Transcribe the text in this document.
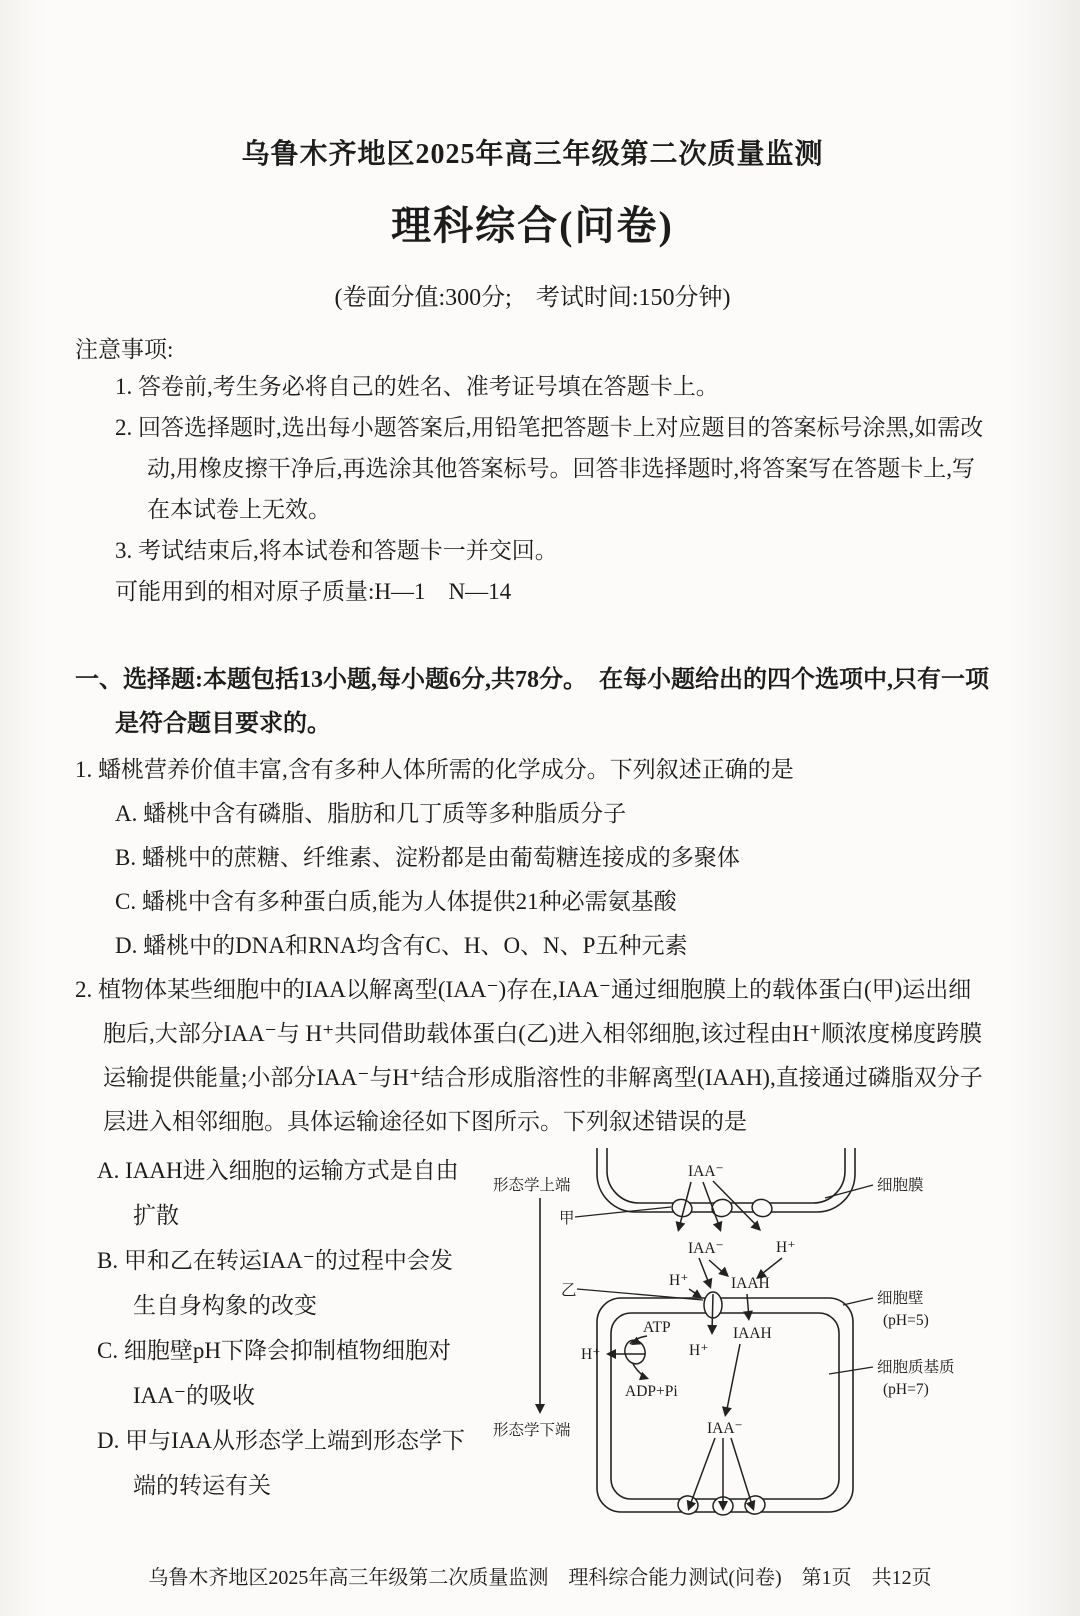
乌鲁木齐地区2025年高三年级第二次质量监测
理科综合(问卷)
(卷面分值:300分;　考试时间:150分钟)
注意事项:
1. 答卷前,考生务必将自己的姓名、准考证号填在答题卡上。
2. 回答选择题时,选出每小题答案后,用铅笔把答题卡上对应题目的答案标号涂黑,如需改动,用橡皮擦干净后,再选涂其他答案标号。回答非选择题时,将答案写在答题卡上,写在本试卷上无效。
3. 考试结束后,将本试卷和答题卡一并交回。
可能用到的相对原子质量:H—1　N—14
一、选择题:本题包括13小题,每小题6分,共78分。　在每小题给出的四个选项中,只有一项是符合题目要求的。
1. 蟠桃营养价值丰富,含有多种人体所需的化学成分。下列叙述正确的是
A. 蟠桃中含有磷脂、脂肪和几丁质等多种脂质分子
B. 蟠桃中的蔗糖、纤维素、淀粉都是由葡萄糖连接成的多聚体
C. 蟠桃中含有多种蛋白质,能为人体提供21种必需氨基酸
D. 蟠桃中的DNA和RNA均含有C、H、O、N、P五种元素
2. 植物体某些细胞中的IAA以解离型(IAA⁻)存在,IAA⁻通过细胞膜上的载体蛋白(甲)运出细胞后,大部分IAA⁻与 H⁺共同借助载体蛋白(乙)进入相邻细胞,该过程由H⁺顺浓度梯度跨膜运输提供能量;小部分IAA⁻与H⁺结合形成脂溶性的非解离型(IAAH),直接通过磷脂双分子层进入相邻细胞。具体运输途径如下图所示。下列叙述错误的是
A. IAAH进入细胞的运输方式是自由扩散
B. 甲和乙在转运IAA⁻的过程中会发生自身构象的改变
C. 细胞壁pH下降会抑制植物细胞对IAA⁻的吸收
D. 甲与IAA从形态学上端到形态学下端的转运有关
形态学上端
形态学下端
甲
乙
细胞膜
细胞壁
(pH=5)
细胞质基质
(pH=7)
IAA⁻
IAA⁻	H⁺
H⁺	IAAH
H⁺
ATP
ADP+Pi
H⁺
IAAH
IAA⁻
乌鲁木齐地区2025年高三年级第二次质量监测　理科综合能力测试(问卷)　第1页　共12页
